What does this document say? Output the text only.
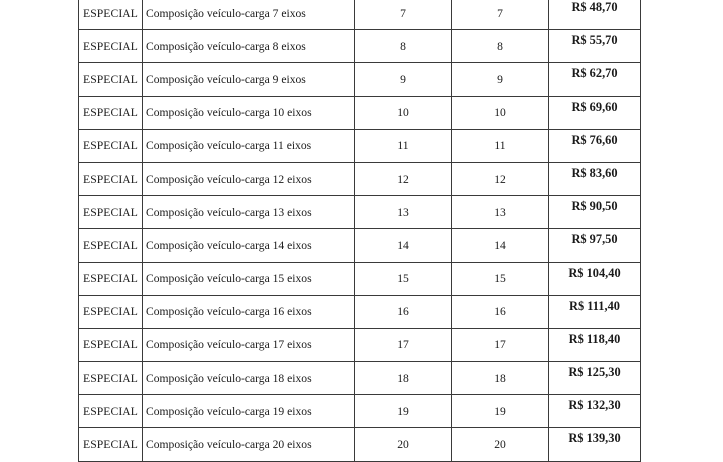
ESPECIAL	Composição veículo-carga 7 eixos	7	7	R$ 48,70
ESPECIAL	Composição veículo-carga 8 eixos	8	8	R$ 55,70
ESPECIAL	Composição veículo-carga 9 eixos	9	9	R$ 62,70
ESPECIAL	Composição veículo-carga 10 eixos	10	10	R$ 69,60
ESPECIAL	Composição veículo-carga 11 eixos	11	11	R$ 76,60
ESPECIAL	Composição veículo-carga 12 eixos	12	12	R$ 83,60
ESPECIAL	Composição veículo-carga 13 eixos	13	13	R$ 90,50
ESPECIAL	Composição veículo-carga 14 eixos	14	14	R$ 97,50
ESPECIAL	Composição veículo-carga 15 eixos	15	15	R$ 104,40
ESPECIAL	Composição veículo-carga 16 eixos	16	16	R$ 111,40
ESPECIAL	Composição veículo-carga 17 eixos	17	17	R$ 118,40
ESPECIAL	Composição veículo-carga 18 eixos	18	18	R$ 125,30
ESPECIAL	Composição veículo-carga 19 eixos	19	19	R$ 132,30
ESPECIAL	Composição veículo-carga 20 eixos	20	20	R$ 139,30
